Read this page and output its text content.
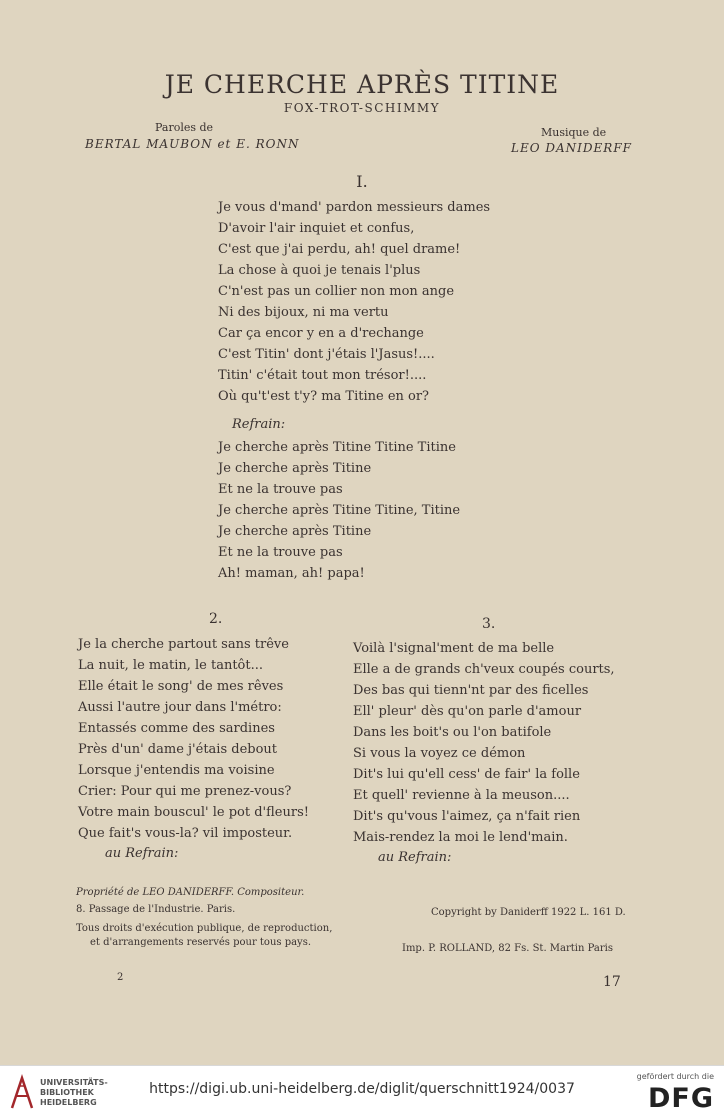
JE CHERCHE APRÈS TITINE
FOX-TROT-SCHIMMY
Paroles de
BERTAL MAUBON et E. RONN
Musique de
LEO DANIDERFF
I.
Je vous d'mand' pardon messieurs dames
D'avoir l'air inquiet et confus,
C'est que j'ai perdu, ah! quel drame!
La chose à quoi je tenais l'plus
C'n'est pas un collier non mon ange
Ni des bijoux, ni ma vertu
Car ça encor y en a d'rechange
C'est Titin' dont j'étais l'Jasus!....
Titin' c'était tout mon trésor!....
Où qu't'est t'y? ma Titine en or?
Refrain:
Je cherche après Titine Titine Titine
Je cherche après Titine
Et ne la trouve pas
Je cherche après Titine Titine, Titine
Je cherche après Titine
Et ne la trouve pas
Ah! maman, ah! papa!
2.
Je la cherche partout sans trêve
La nuit, le matin, le tantôt...
Elle était le song' de mes rêves
Aussi l'autre jour dans l'métro:
Entassés comme des sardines
Près d'un' dame j'étais debout
Lorsque j'entendis ma voisine
Crier: Pour qui me prenez-vous?
Votre main bouscul' le pot d'fleurs!
Que fait's vous-la? vil imposteur.
au Refrain:
3.
Voilà l'signal'ment de ma belle
Elle a de grands ch'veux coupés courts,
Des bas qui tienn'nt par des ficelles
Ell' pleur' dès qu'on parle d'amour
Dans les boit's ou l'on batifole
Si vous la voyez ce démon
Dit's lui qu'ell cess' de fair' la folle
Et quell' revienne à la meuson....
Dit's qu'vous l'aimez, ça n'fait rien
Mais-rendez la moi le lend'main.
au Refrain:
Propriété de LEO DANIDERFF. Compositeur.
8. Passage de l'Industrie. Paris.
Tous droits d'exécution publique, de reproduction,
et d'arrangements reservés pour tous pays.
Copyright by Daniderff 1922 L. 161 D.
Imp. P. ROLLAND, 82 Fs. St. Martin Paris
2	17
UNIVERSITÄTS-
BIBLIOTHEK
HEIDELBERG
https://digi.ub.uni-heidelberg.de/diglit/querschnitt1924/0037
gefördert durch die
DFG
